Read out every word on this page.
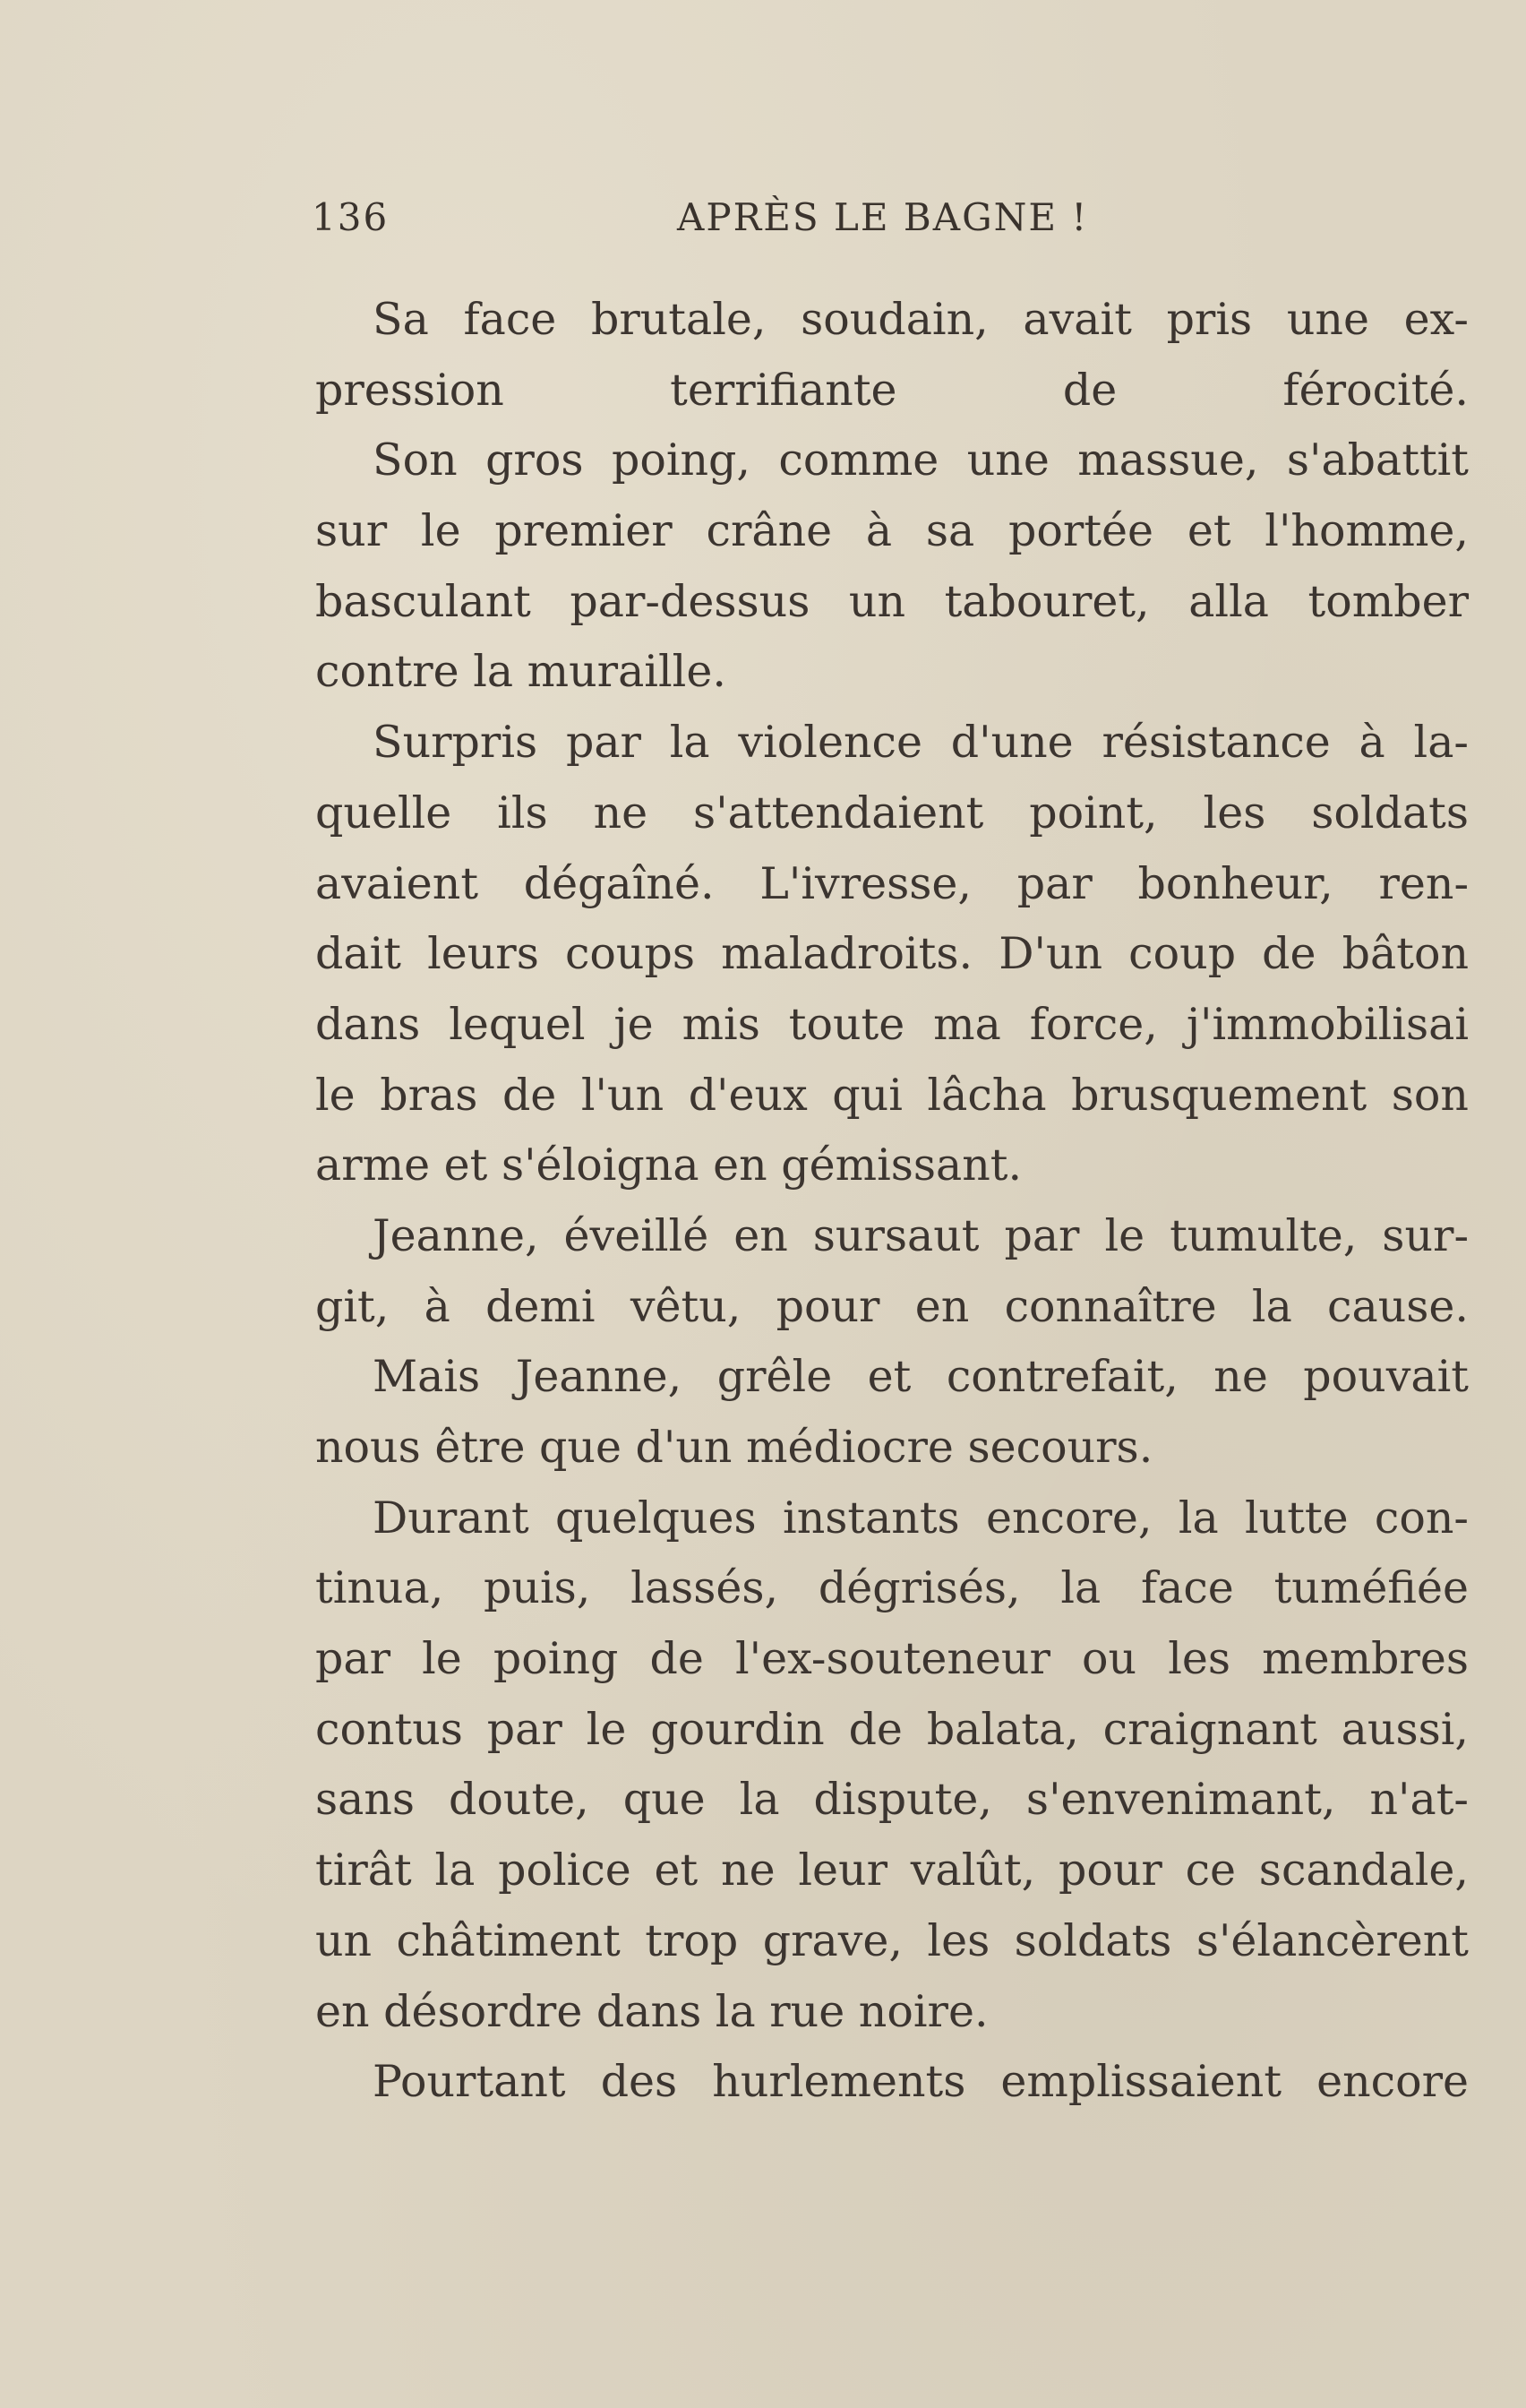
136	APRÈS LE BAGNE !
Sa face brutale, soudain, avait pris une ex-
pression terrifiante de férocité.
Son gros poing, comme une massue, s'abattit
sur le premier crâne à sa portée et l'homme,
basculant par-dessus un tabouret, alla tomber
contre la muraille.
Surpris par la violence d'une résistance à la-
quelle ils ne s'attendaient point, les soldats
avaient dégaîné. L'ivresse, par bonheur, ren-
dait leurs coups maladroits. D'un coup de bâton
dans lequel je mis toute ma force, j'immobilisai
le bras de l'un d'eux qui lâcha brusquement son
arme et s'éloigna en gémissant.
Jeanne, éveillé en sursaut par le tumulte, sur-
git, à demi vêtu, pour en connaître la cause.
Mais Jeanne, grêle et contrefait, ne pouvait
nous être que d'un médiocre secours.
Durant quelques instants encore, la lutte con-
tinua, puis, lassés, dégrisés, la face tuméfiée
par le poing de l'ex-souteneur ou les membres
contus par le gourdin de balata, craignant aussi,
sans doute, que la dispute, s'envenimant, n'at-
tirât la police et ne leur valût, pour ce scandale,
un châtiment trop grave, les soldats s'élancèrent
en désordre dans la rue noire.
Pourtant des hurlements emplissaient encore
